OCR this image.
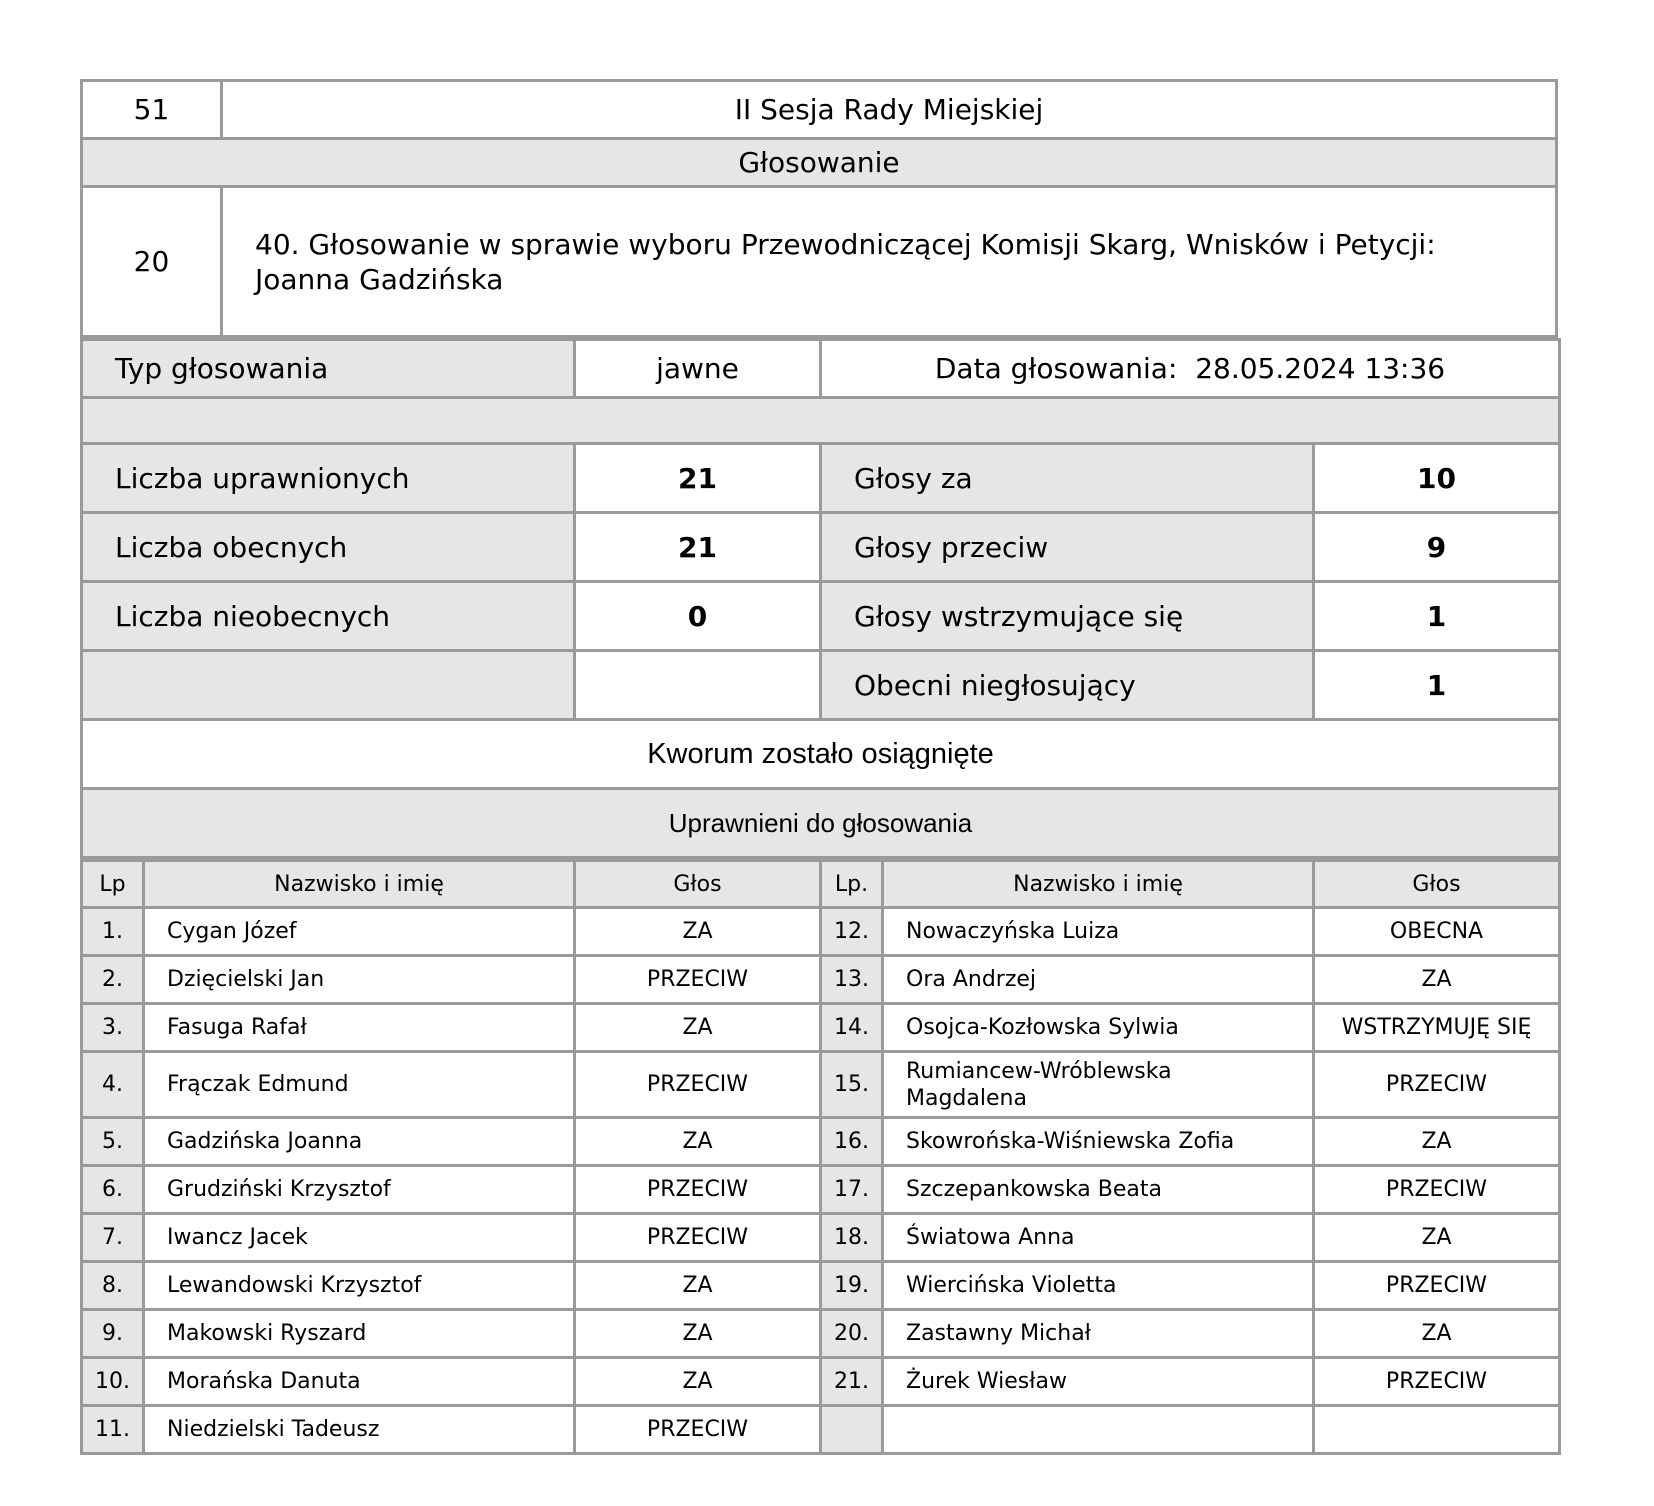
51	II Sesja Rady Miejskiej
Głosowanie	
20	40. Głosowanie w sprawie wyboru Przewodniczącej Komisji Skarg, Wnisków i Petycji: Joanna Gadzińska
Typ głosowania	jawne	Data głosowania: 28.05.2024 13:36	

Liczba uprawnionych	21	Głosy za	10
Liczba obecnych	21	Głosy przeciw	9
Liczba nieobecnych	0	Głosy wstrzymujące się	1
		Obecni niegłosujący	1
Kworum zostało osiągnięte			
Uprawnieni do głosowania			
Lp	Nazwisko i imię	Głos	Lp.	Nazwisko i imię	Głos
1.	Cygan Józef	ZA	12.	Nowaczyńska Luiza	OBECNA
2.	Dzięcielski Jan	PRZECIW	13.	Ora Andrzej	ZA
3.	Fasuga Rafał	ZA	14.	Osojca-Kozłowska Sylwia	WSTRZYMUJĘ SIĘ
4.	Frączak Edmund	PRZECIW	15.	Rumiancew-Wróblewska Magdalena	PRZECIW
5.	Gadzińska Joanna	ZA	16.	Skowrońska-Wiśniewska Zofia	ZA
6.	Grudziński Krzysztof	PRZECIW	17.	Szczepankowska Beata	PRZECIW
7.	Iwancz Jacek	PRZECIW	18.	Światowa Anna	ZA
8.	Lewandowski Krzysztof	ZA	19.	Wiercińska Violetta	PRZECIW
9.	Makowski Ryszard	ZA	20.	Zastawny Michał	ZA
10.	Morańska Danuta	ZA	21.	Żurek Wiesław	PRZECIW
11.	Niedzielski Tadeusz	PRZECIW			
